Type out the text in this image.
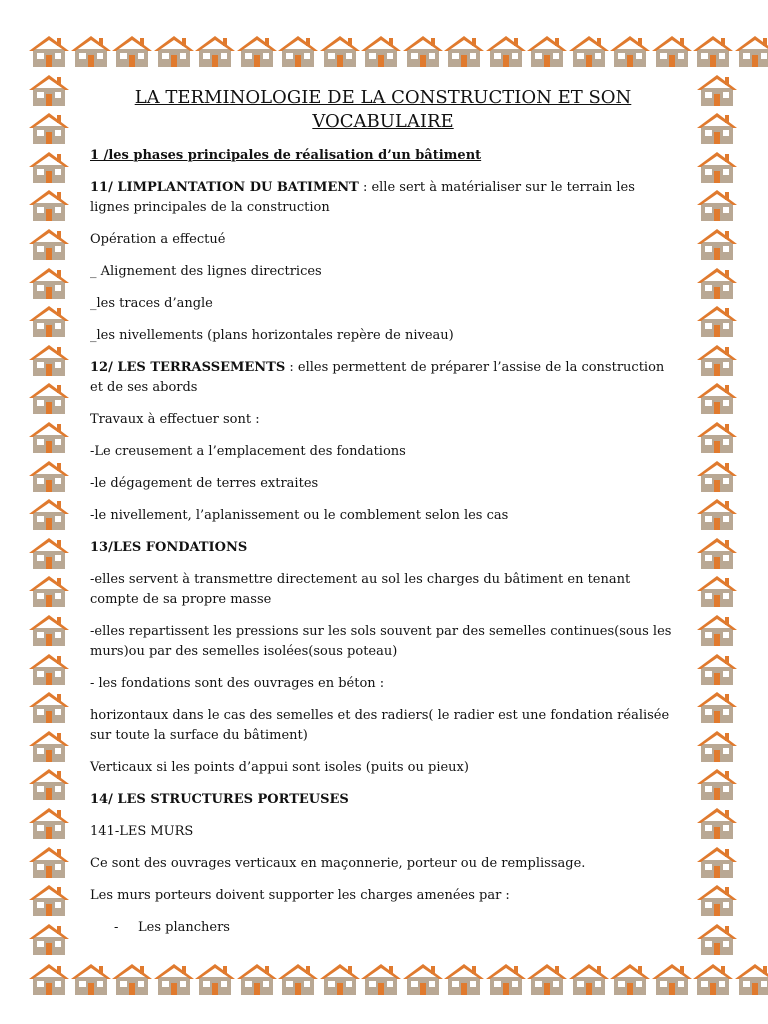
LA TERMINOLOGIE DE LA CONSTRUCTION ET SON VOCABULAIRE
1 /les phases principales de réalisation d’un bâtiment
11/ LIMPLANTATION DU BATIMENT : elle sert à matérialiser sur le terrain les lignes principales de la construction
Opération a effectué
_ Alignement des lignes directrices
_les traces d’angle
_les nivellements (plans horizontales repère de niveau)
12/ LES TERRASSEMENTS : elles permettent de préparer l’assise de la construction et de ses abords
Travaux à effectuer sont :
-Le creusement a l’emplacement des fondations
-le dégagement de terres extraites
-le nivellement, l’aplanissement ou le comblement selon les cas
13/LES FONDATIONS
-elles servent à transmettre directement au sol les charges du bâtiment en tenant compte de sa propre masse
-elles repartissent les pressions sur les sols souvent par des semelles continues(sous les murs)ou par des semelles isolées(sous poteau)
- les fondations sont des ouvrages en béton :
horizontaux dans le cas des semelles et des radiers( le radier est une fondation réalisée sur toute la surface du bâtiment)
Verticaux si les points d’appui sont isoles (puits ou pieux)
14/ LES STRUCTURES PORTEUSES
141-LES MURS
Ce sont des ouvrages verticaux en maçonnerie, porteur ou de remplissage.
Les murs porteurs doivent supporter les charges amenées par :
- Les planchers
